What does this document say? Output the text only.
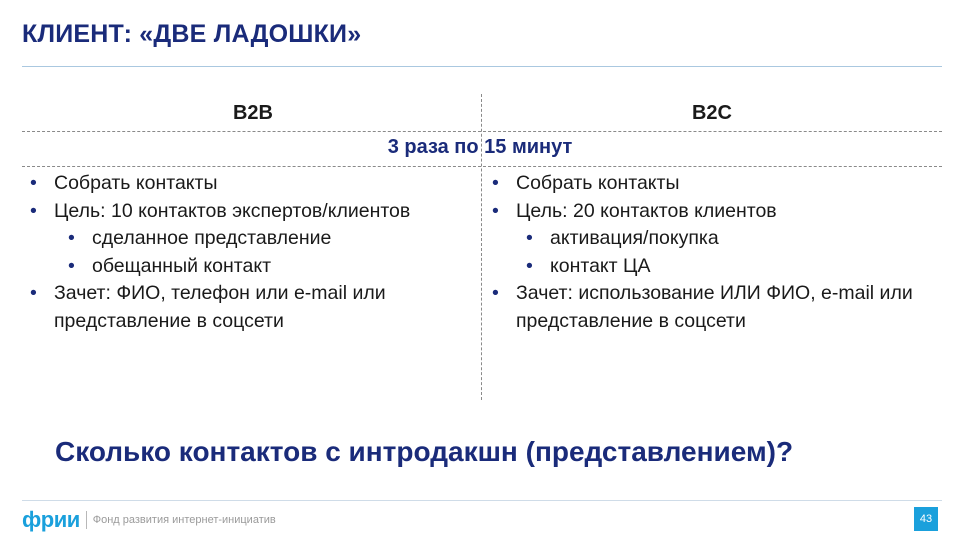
КЛИЕНТ: «ДВЕ ЛАДОШКИ»
B2B	B2C
3 раза по 15 минут
• Собрать контакты
• Цель: 10 контактов экспертов/клиентов
• сделанное представление
• обещанный контакт
• Зачет: ФИО, телефон или e-mail или представление в соцсети
• Собрать контакты
• Цель: 20 контактов клиентов
• активация/покупка
• контакт ЦА
• Зачет: использование ИЛИ ФИО, e-mail или представление в соцсети
Сколько контактов с интродакшн (представлением)?
фрии Фонд развития интернет-инициатив	43
